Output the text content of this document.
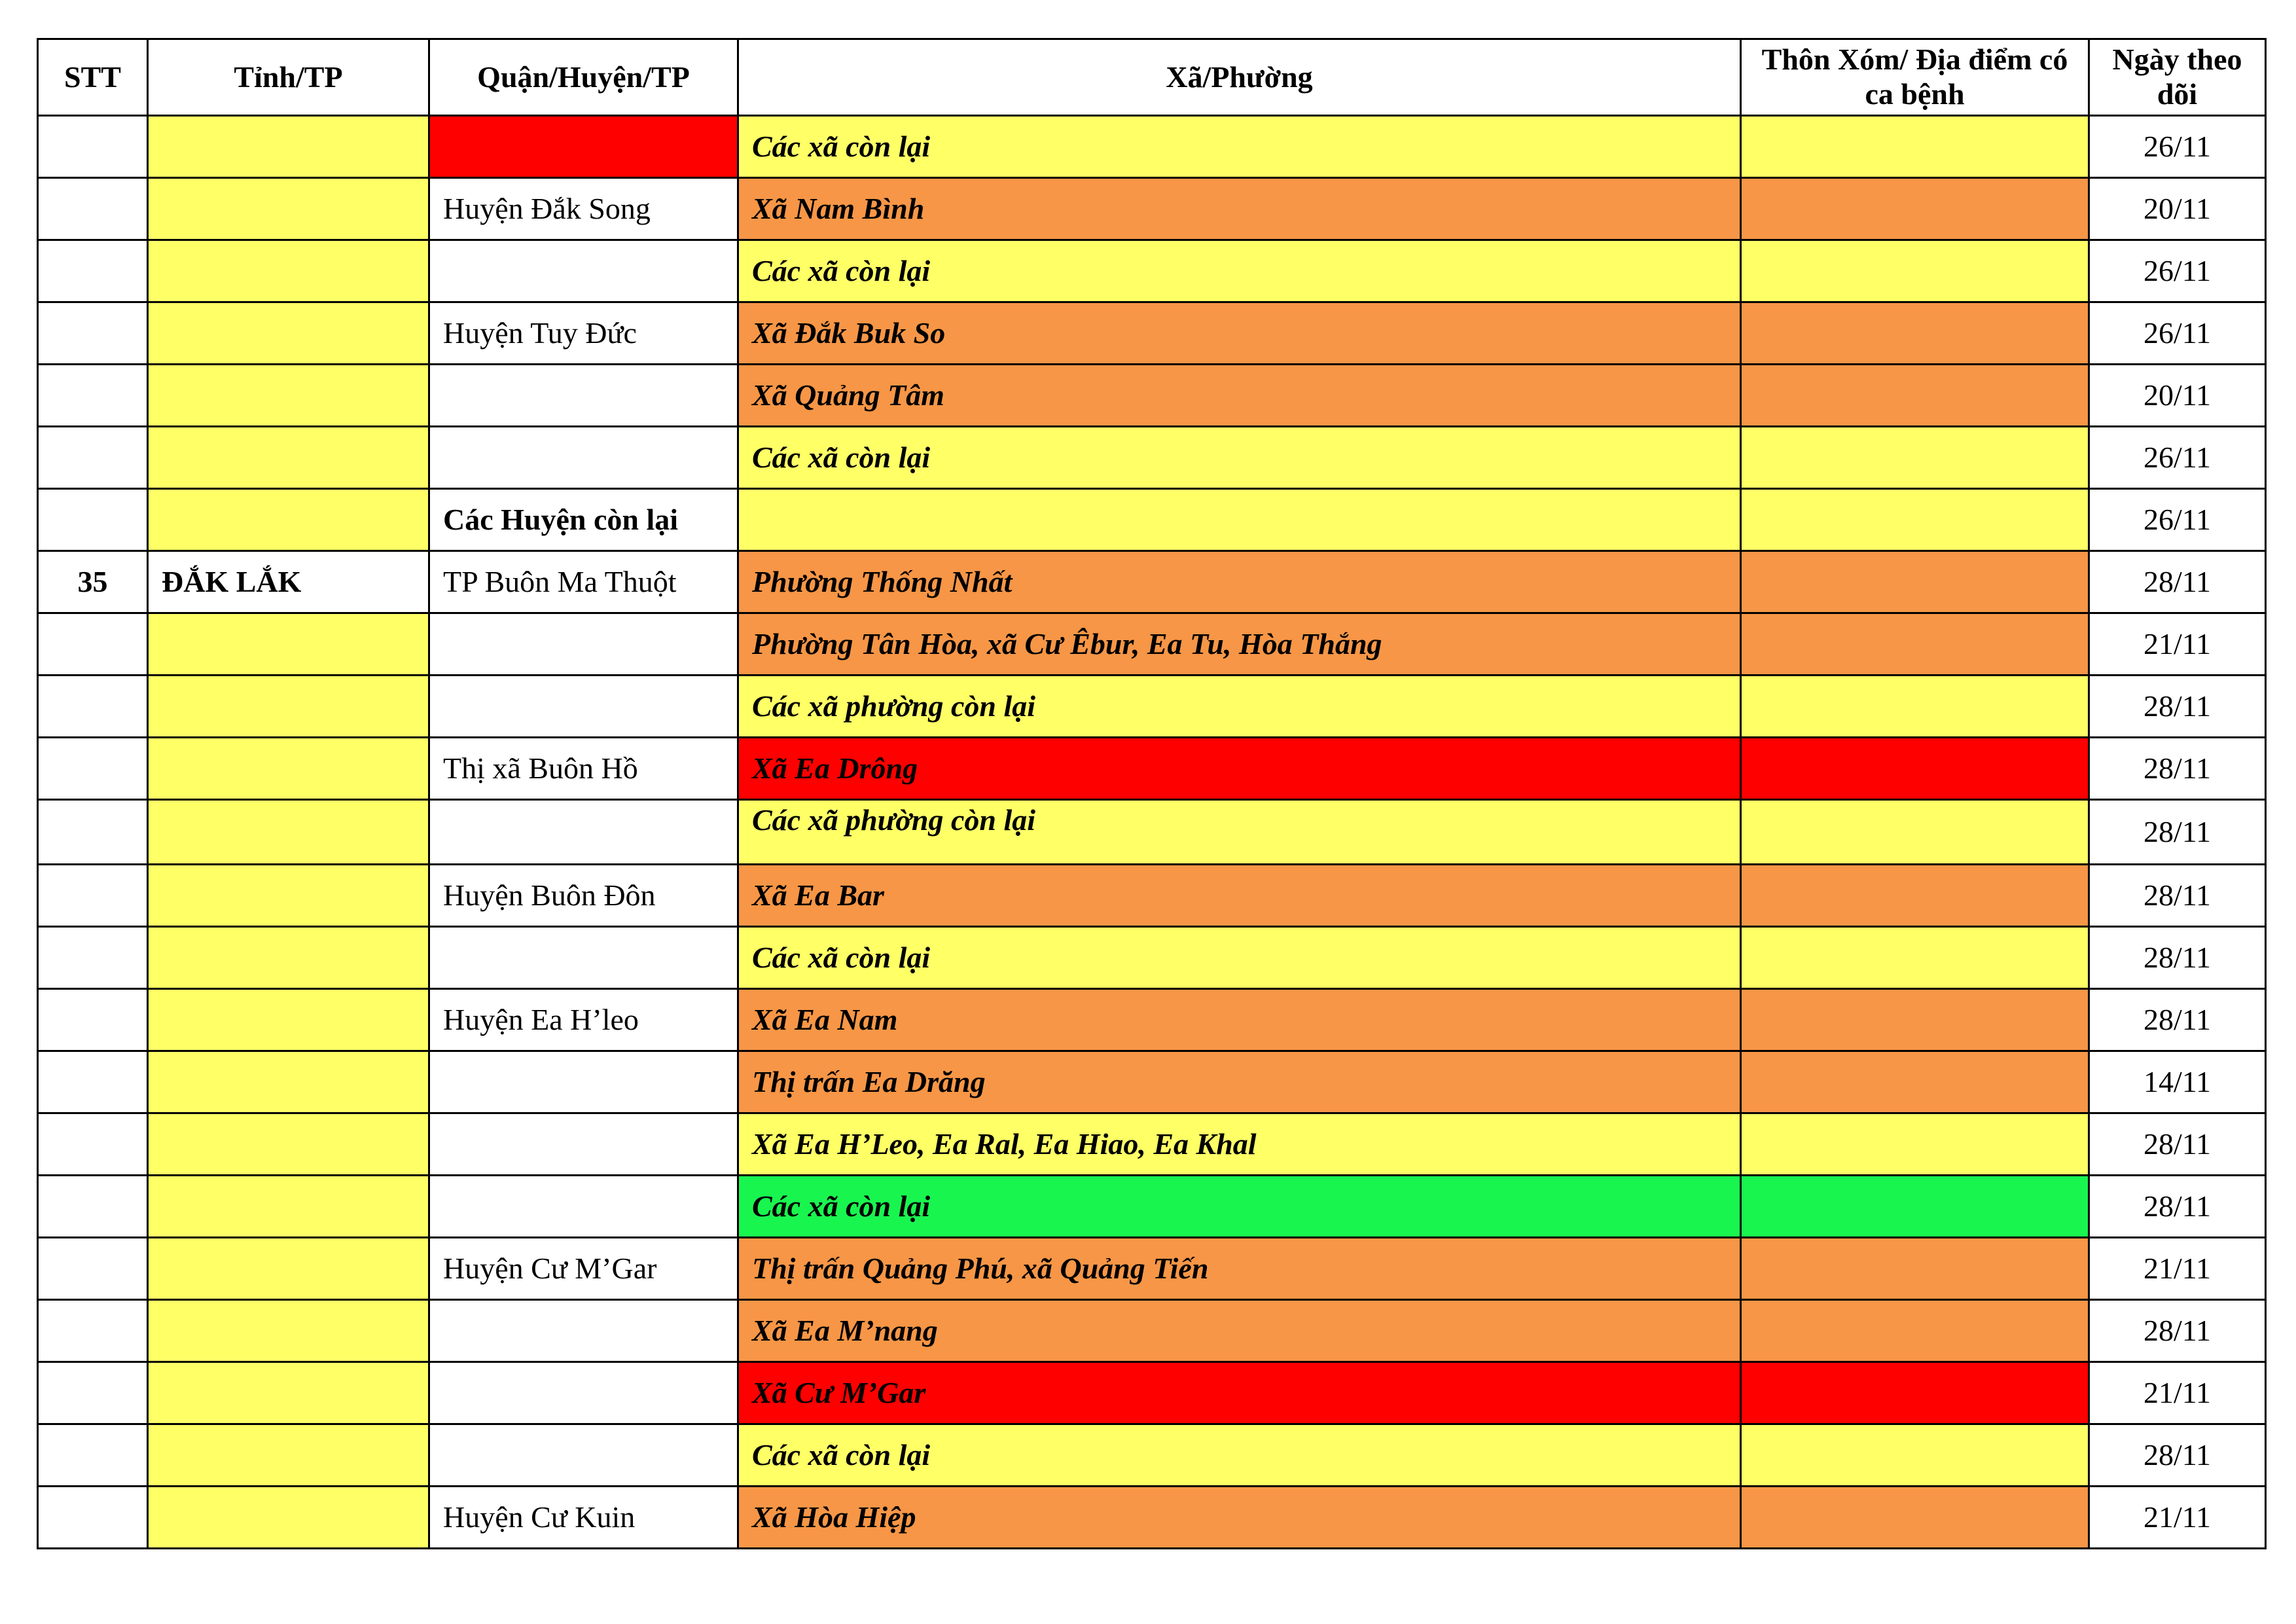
STT	Tỉnh/TP	Quận/Huyện/TP	Xã/Phường	Thôn Xóm/ Địa điểm có ca bệnh	Ngày theo dõi
			Các xã còn lại		26/11
		Huyện Đắk Song	Xã Nam Bình		20/11
			Các xã còn lại		26/11
		Huyện Tuy Đức	Xã Đắk Buk So		26/11
			Xã Quảng Tâm		20/11
			Các xã còn lại		26/11
		Các Huyện còn lại			26/11
35	ĐẮK LẮK	TP Buôn Ma Thuột	Phường Thống Nhất		28/11
			Phường Tân Hòa, xã Cư Êbur, Ea Tu, Hòa Thắng		21/11
			Các xã phường còn lại		28/11
		Thị xã Buôn Hồ	Xã Ea Drông		28/11
			Các xã phường còn lại		28/11
		Huyện Buôn Đôn	Xã Ea Bar		28/11
			Các xã còn lại		28/11
		Huyện Ea H’leo	Xã Ea Nam		28/11
			Thị trấn Ea Drăng		14/11
			Xã Ea H’Leo, Ea Ral, Ea Hiao, Ea Khal		28/11
			Các xã còn lại		28/11
		Huyện Cư M’Gar	Thị trấn Quảng Phú, xã Quảng Tiến		21/11
			Xã Ea M’nang		28/11
			Xã Cư M’Gar		21/11
			Các xã còn lại		28/11
		Huyện Cư Kuin	Xã Hòa Hiệp		21/11
